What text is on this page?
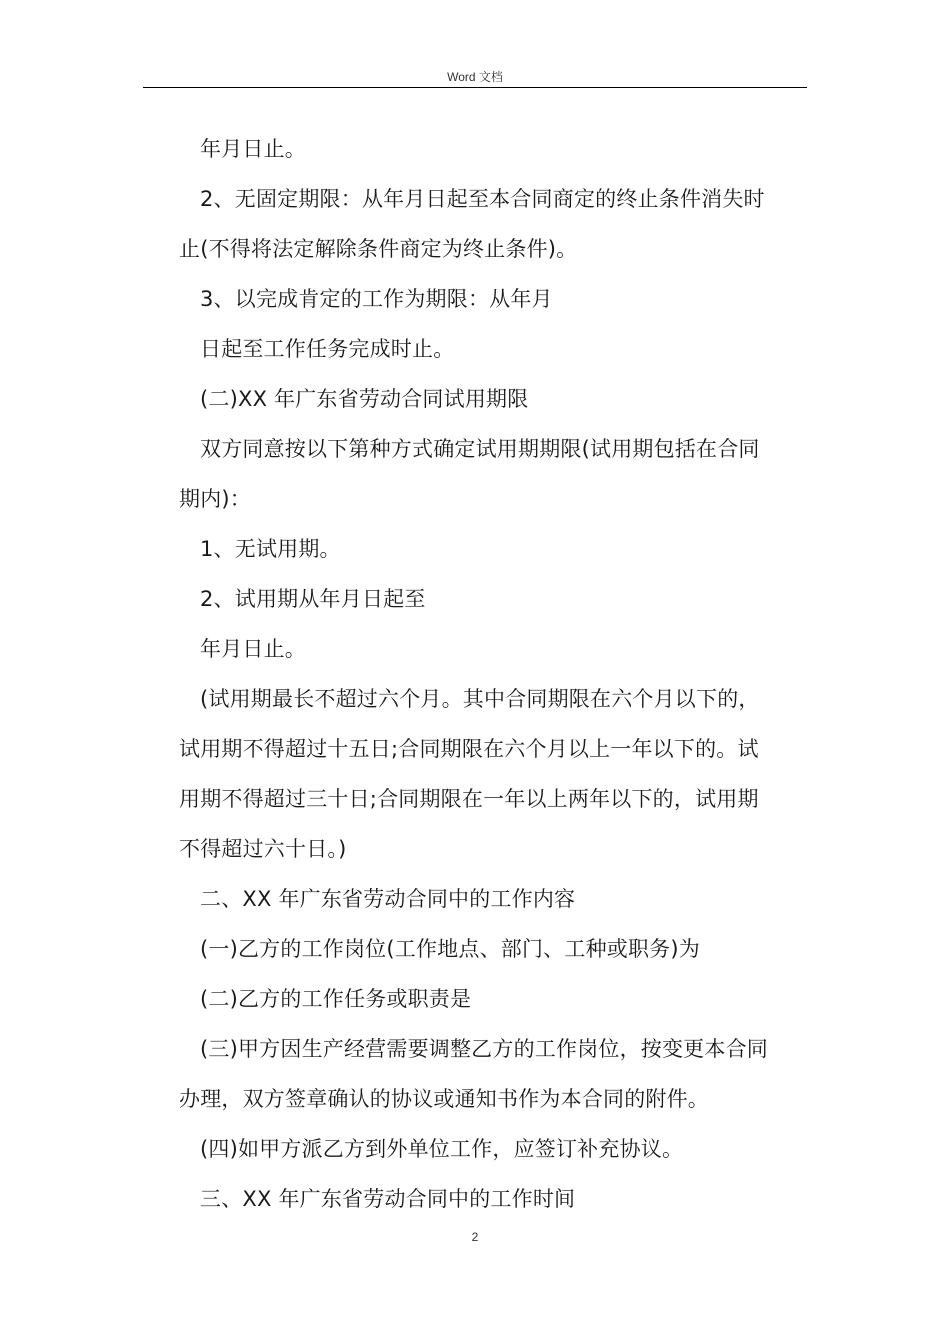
Word 文档

年月日止。

2、无固定期限：从年月日起至本合同商定的终止条件消失时

止(不得将法定解除条件商定为终止条件)。

3、以完成肯定的工作为期限：从年月

日起至工作任务完成时止。

(二)XX 年广东省劳动合同试用期限

双方同意按以下第种方式确定试用期期限(试用期包括在合同

期内)：

1、无试用期。

2、试用期从年月日起至

年月日止。

(试用期最长不超过六个月。其中合同期限在六个月以下的，

试用期不得超过十五日;合同期限在六个月以上一年以下的。试

用期不得超过三十日;合同期限在一年以上两年以下的，试用期

不得超过六十日。)

二、XX 年广东省劳动合同中的工作内容

(一)乙方的工作岗位(工作地点、部门、工种或职务)为

(二)乙方的工作任务或职责是

(三)甲方因生产经营需要调整乙方的工作岗位，按变更本合同

办理，双方签章确认的协议或通知书作为本合同的附件。

(四)如甲方派乙方到外单位工作，应签订补充协议。

三、XX 年广东省劳动合同中的工作时间

2
